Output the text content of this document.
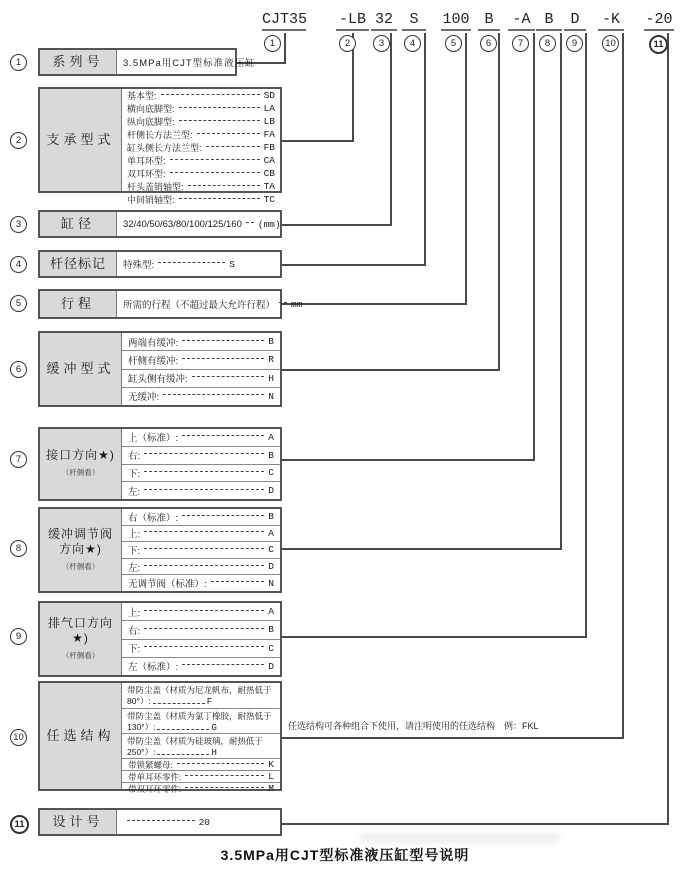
CJT35 -LB 32	S	100 B	-A B	D	-K -20
1	2	3	4	5	6	7 8 9	10	11
1
2
3
4
5
6
7
8
9
10
11
系列号 3.5MPa用CJT型标准液压缸
支承型式
基本型:	SD
横向底脚型:	LA
纵向底脚型:	LB
杆侧长方法兰型:	FA
缸头侧长方法兰型:	FB
单耳环型:	CA
双耳环型:	CB
杆头盖销轴型:	TA
中间销轴型:	TC
缸径	32/40/50/63/80/100/125/160 (mm)
杆径标记 特殊型:	S
行程	所需的行程（不超过最大允许行程） mm
缓冲型式
两端有缓冲:	B
杆侧有缓冲:	R
缸头侧有缓冲:	H
无缓冲:	N
接口方向★)
（杆侧看）
上（标准）:	A
右:	B
下:	C
左:	D
缓冲调节阀方向★)
（杆侧看）
右（标准）:	B
上:	A
下:	C
左:	D
无调节阀（标准）:	N
排气口方向★)
（杆侧看）
上:	A
右:	B
下:	C
左（标准）:	D
任选结构
带防尘盖（材质为尼龙帆布，耐热低于80°）:	F
带防尘盖（材质为氯丁橡胶，耐热低于130°）:	G
带防尘盖（材质为硅玻璃，耐热低于250°）:	H
带锁紧螺母:	K
带单耳环零件:	L
带双耳环零件:	M
设计号	20
任选结构可各种组合下使用，请注明使用的任选结构　例：FKL
3.5MPa用CJT型标准液压缸型号说明
